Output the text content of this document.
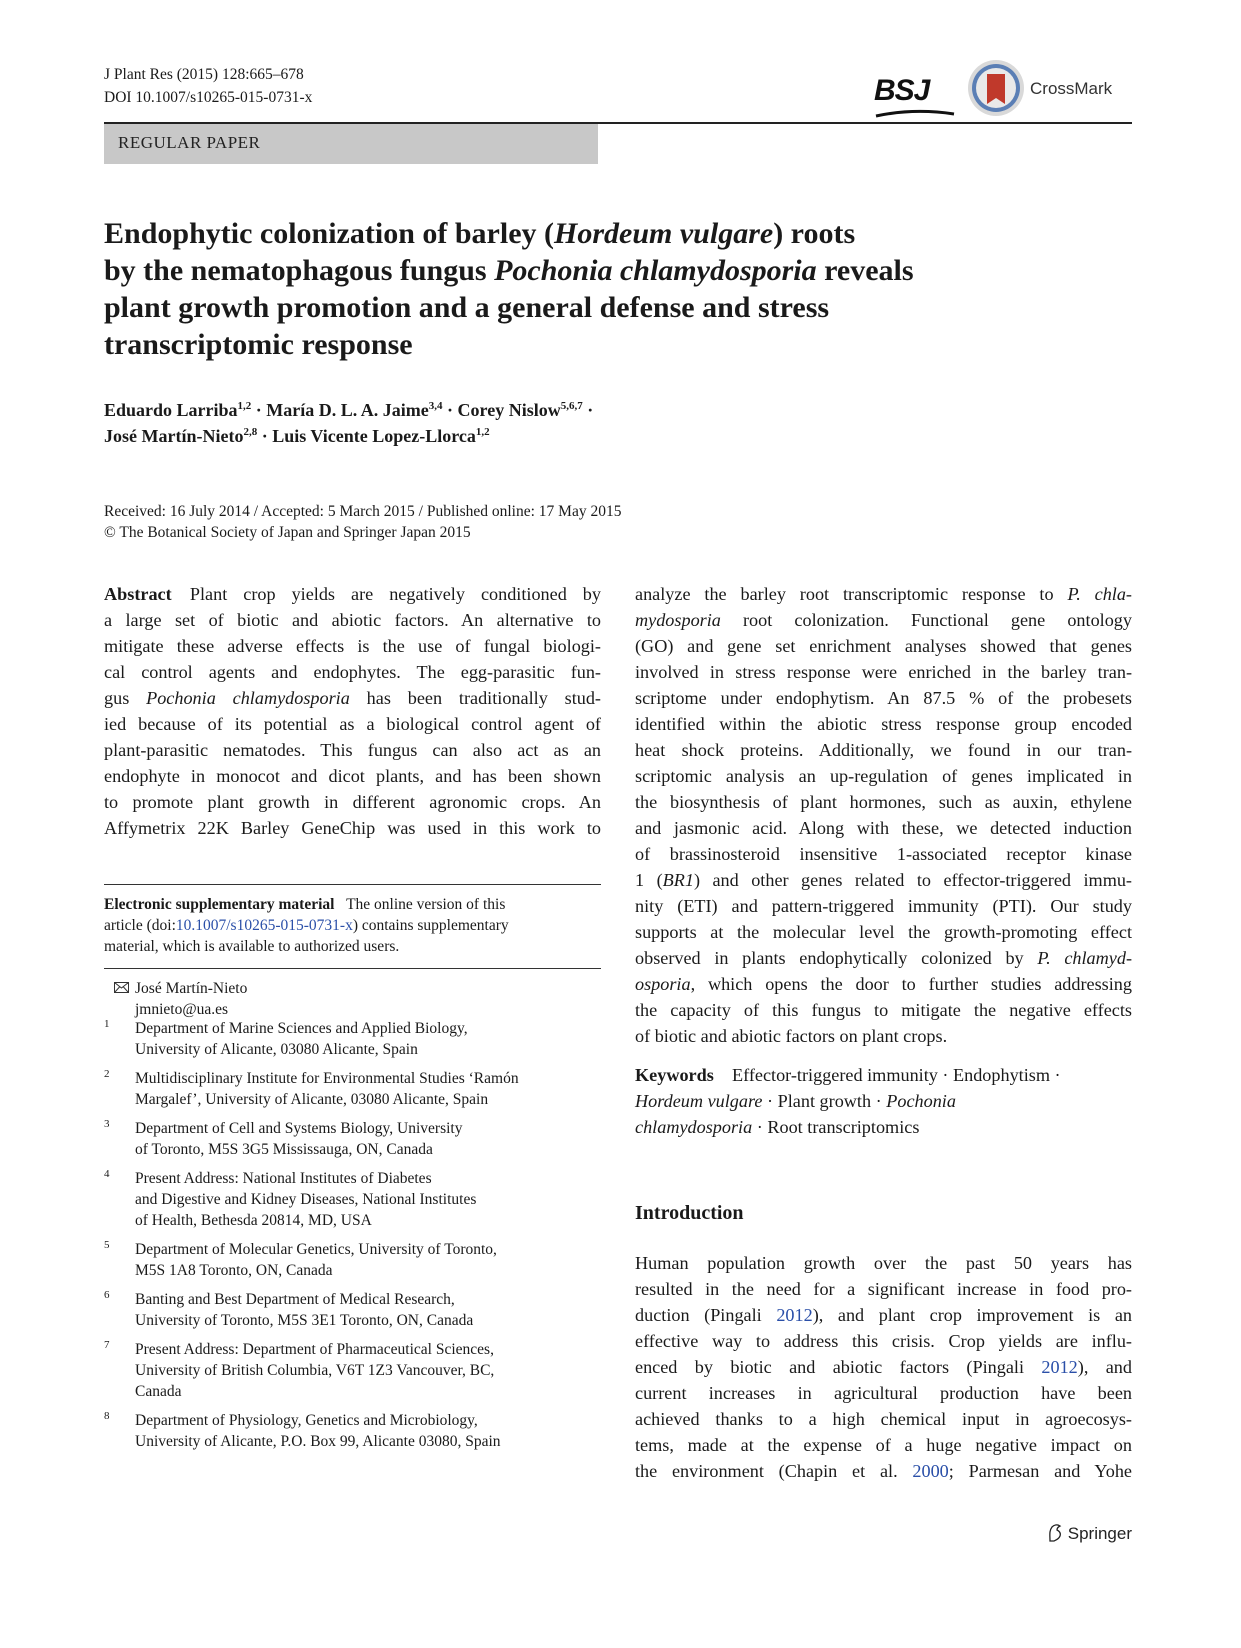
J Plant Res (2015) 128:665–678
DOI 10.1007/s10265-015-0731-x	BSJ	CrossMark
REGULAR PAPER
Endophytic colonization of barley (Hordeum vulgare) roots
by the nematophagous fungus Pochonia chlamydosporia reveals
plant growth promotion and a general defense and stress
transcriptomic response
Eduardo Larriba$^{1,2}$ · María D. L. A. Jaime$^{3,4}$ · Corey Nislow$^{5,6,7}$ ·
José Martín-Nieto$^{2,8}$ · Luis Vicente Lopez-Llorca$^{1,2}$
Received: 16 July 2014 / Accepted: 5 March 2015 / Published online: 17 May 2015
© The Botanical Society of Japan and Springer Japan 2015
Abstract  Plant crop yields are negatively conditioned by
a large set of biotic and abiotic factors. An alternative to
mitigate these adverse effects is the use of fungal biologi-
cal control agents and endophytes. The egg-parasitic fun-
gus Pochonia chlamydosporia has been traditionally stud-
ied because of its potential as a biological control agent of
plant-parasitic nematodes. This fungus can also act as an
endophyte in monocot and dicot plants, and has been shown
to promote plant growth in different agronomic crops. An
Affymetrix 22K Barley GeneChip was used in this work to
Electronic supplementary material The online version of this
article (doi:10.1007/s10265-015-0731-x) contains supplementary
material, which is available to authorized users.
José Martín-Nieto
jmnieto@ua.es
1 Department of Marine Sciences and Applied Biology,
University of Alicante, 03080 Alicante, Spain
2 Multidisciplinary Institute for Environmental Studies ‘Ramón
Margalef’, University of Alicante, 03080 Alicante, Spain
3 Department of Cell and Systems Biology, University
of Toronto, M5S 3G5 Mississauga, ON, Canada
4 Present Address: National Institutes of Diabetes
and Digestive and Kidney Diseases, National Institutes
of Health, Bethesda 20814, MD, USA
5 Department of Molecular Genetics, University of Toronto,
M5S 1A8 Toronto, ON, Canada
6 Banting and Best Department of Medical Research,
University of Toronto, M5S 3E1 Toronto, ON, Canada
7 Present Address: Department of Pharmaceutical Sciences,
University of British Columbia, V6T 1Z3 Vancouver, BC,
Canada
8 Department of Physiology, Genetics and Microbiology,
University of Alicante, P.O. Box 99, Alicante 03080, Spain
analyze the barley root transcriptomic response to P. chla-
mydosporia root colonization. Functional gene ontology
(GO) and gene set enrichment analyses showed that genes
involved in stress response were enriched in the barley tran-
scriptome under endophytism. An 87.5 % of the probesets
identified within the abiotic stress response group encoded
heat shock proteins. Additionally, we found in our tran-
scriptomic analysis an up-regulation of genes implicated in
the biosynthesis of plant hormones, such as auxin, ethylene
and jasmonic acid. Along with these, we detected induction
of brassinosteroid insensitive 1-associated receptor kinase
1 (BR1) and other genes related to effector-triggered immu-
nity (ETI) and pattern-triggered immunity (PTI). Our study
supports at the molecular level the growth-promoting effect
observed in plants endophytically colonized by P. chlamyd-
osporia, which opens the door to further studies addressing
the capacity of this fungus to mitigate the negative effects
of biotic and abiotic factors on plant crops.
Keywords  Effector-triggered immunity · Endophytism ·
Hordeum vulgare · Plant growth · Pochonia
chlamydosporia · Root transcriptomics
Introduction
Human population growth over the past 50 years has
resulted in the need for a significant increase in food pro-
duction (Pingali 2012), and plant crop improvement is an
effective way to address this crisis. Crop yields are influ-
enced by biotic and abiotic factors (Pingali 2012), and
current increases in agricultural production have been
achieved thanks to a high chemical input in agroecosys-
tems, made at the expense of a huge negative impact on
the environment (Chapin et al. 2000; Parmesan and Yohe
Springer
